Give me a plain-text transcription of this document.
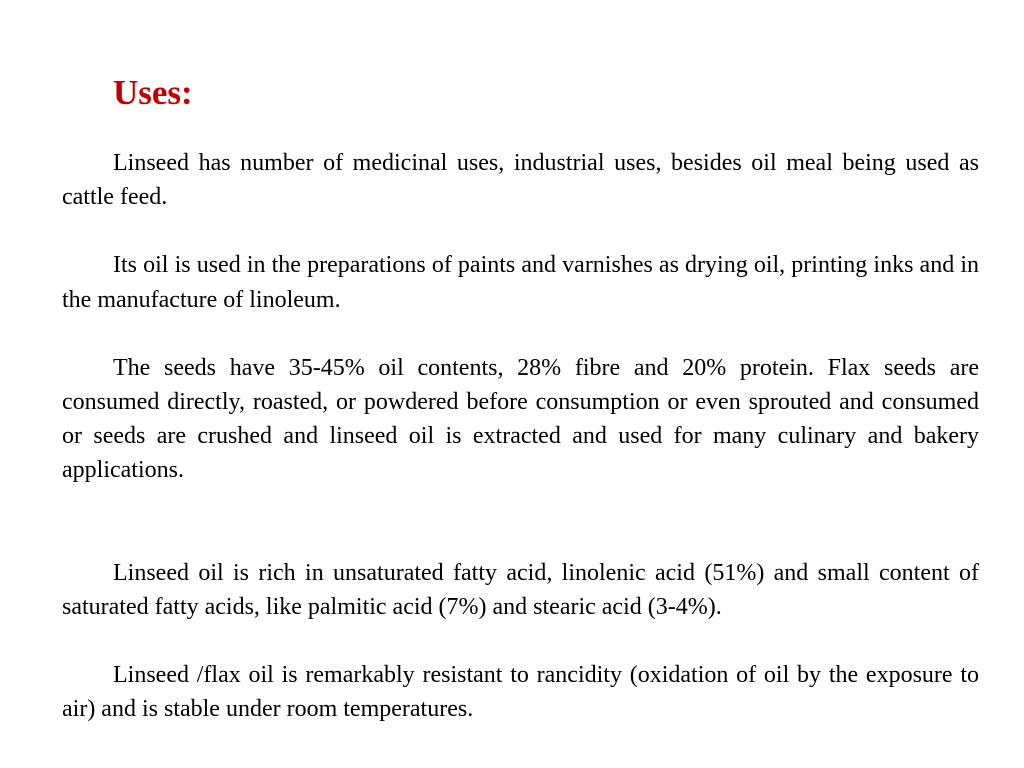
Uses:

Linseed has number of medicinal uses, industrial uses, besides oil meal being used as cattle feed.

Its oil is used in the preparations of paints and varnishes as drying oil, printing inks and in the manufacture of linoleum.

The seeds have 35-45% oil contents, 28% fibre and 20% protein. Flax seeds are consumed directly, roasted, or powdered before consumption or even sprouted and consumed or seeds are crushed and linseed oil is extracted and used for many culinary and bakery applications.

Linseed oil is rich in unsaturated fatty acid, linolenic acid (51%) and small content of saturated fatty acids, like palmitic acid (7%) and stearic acid (3-4%).

Linseed /flax oil is remarkably resistant to rancidity (oxidation of oil by the exposure to air) and is stable under room temperatures.
